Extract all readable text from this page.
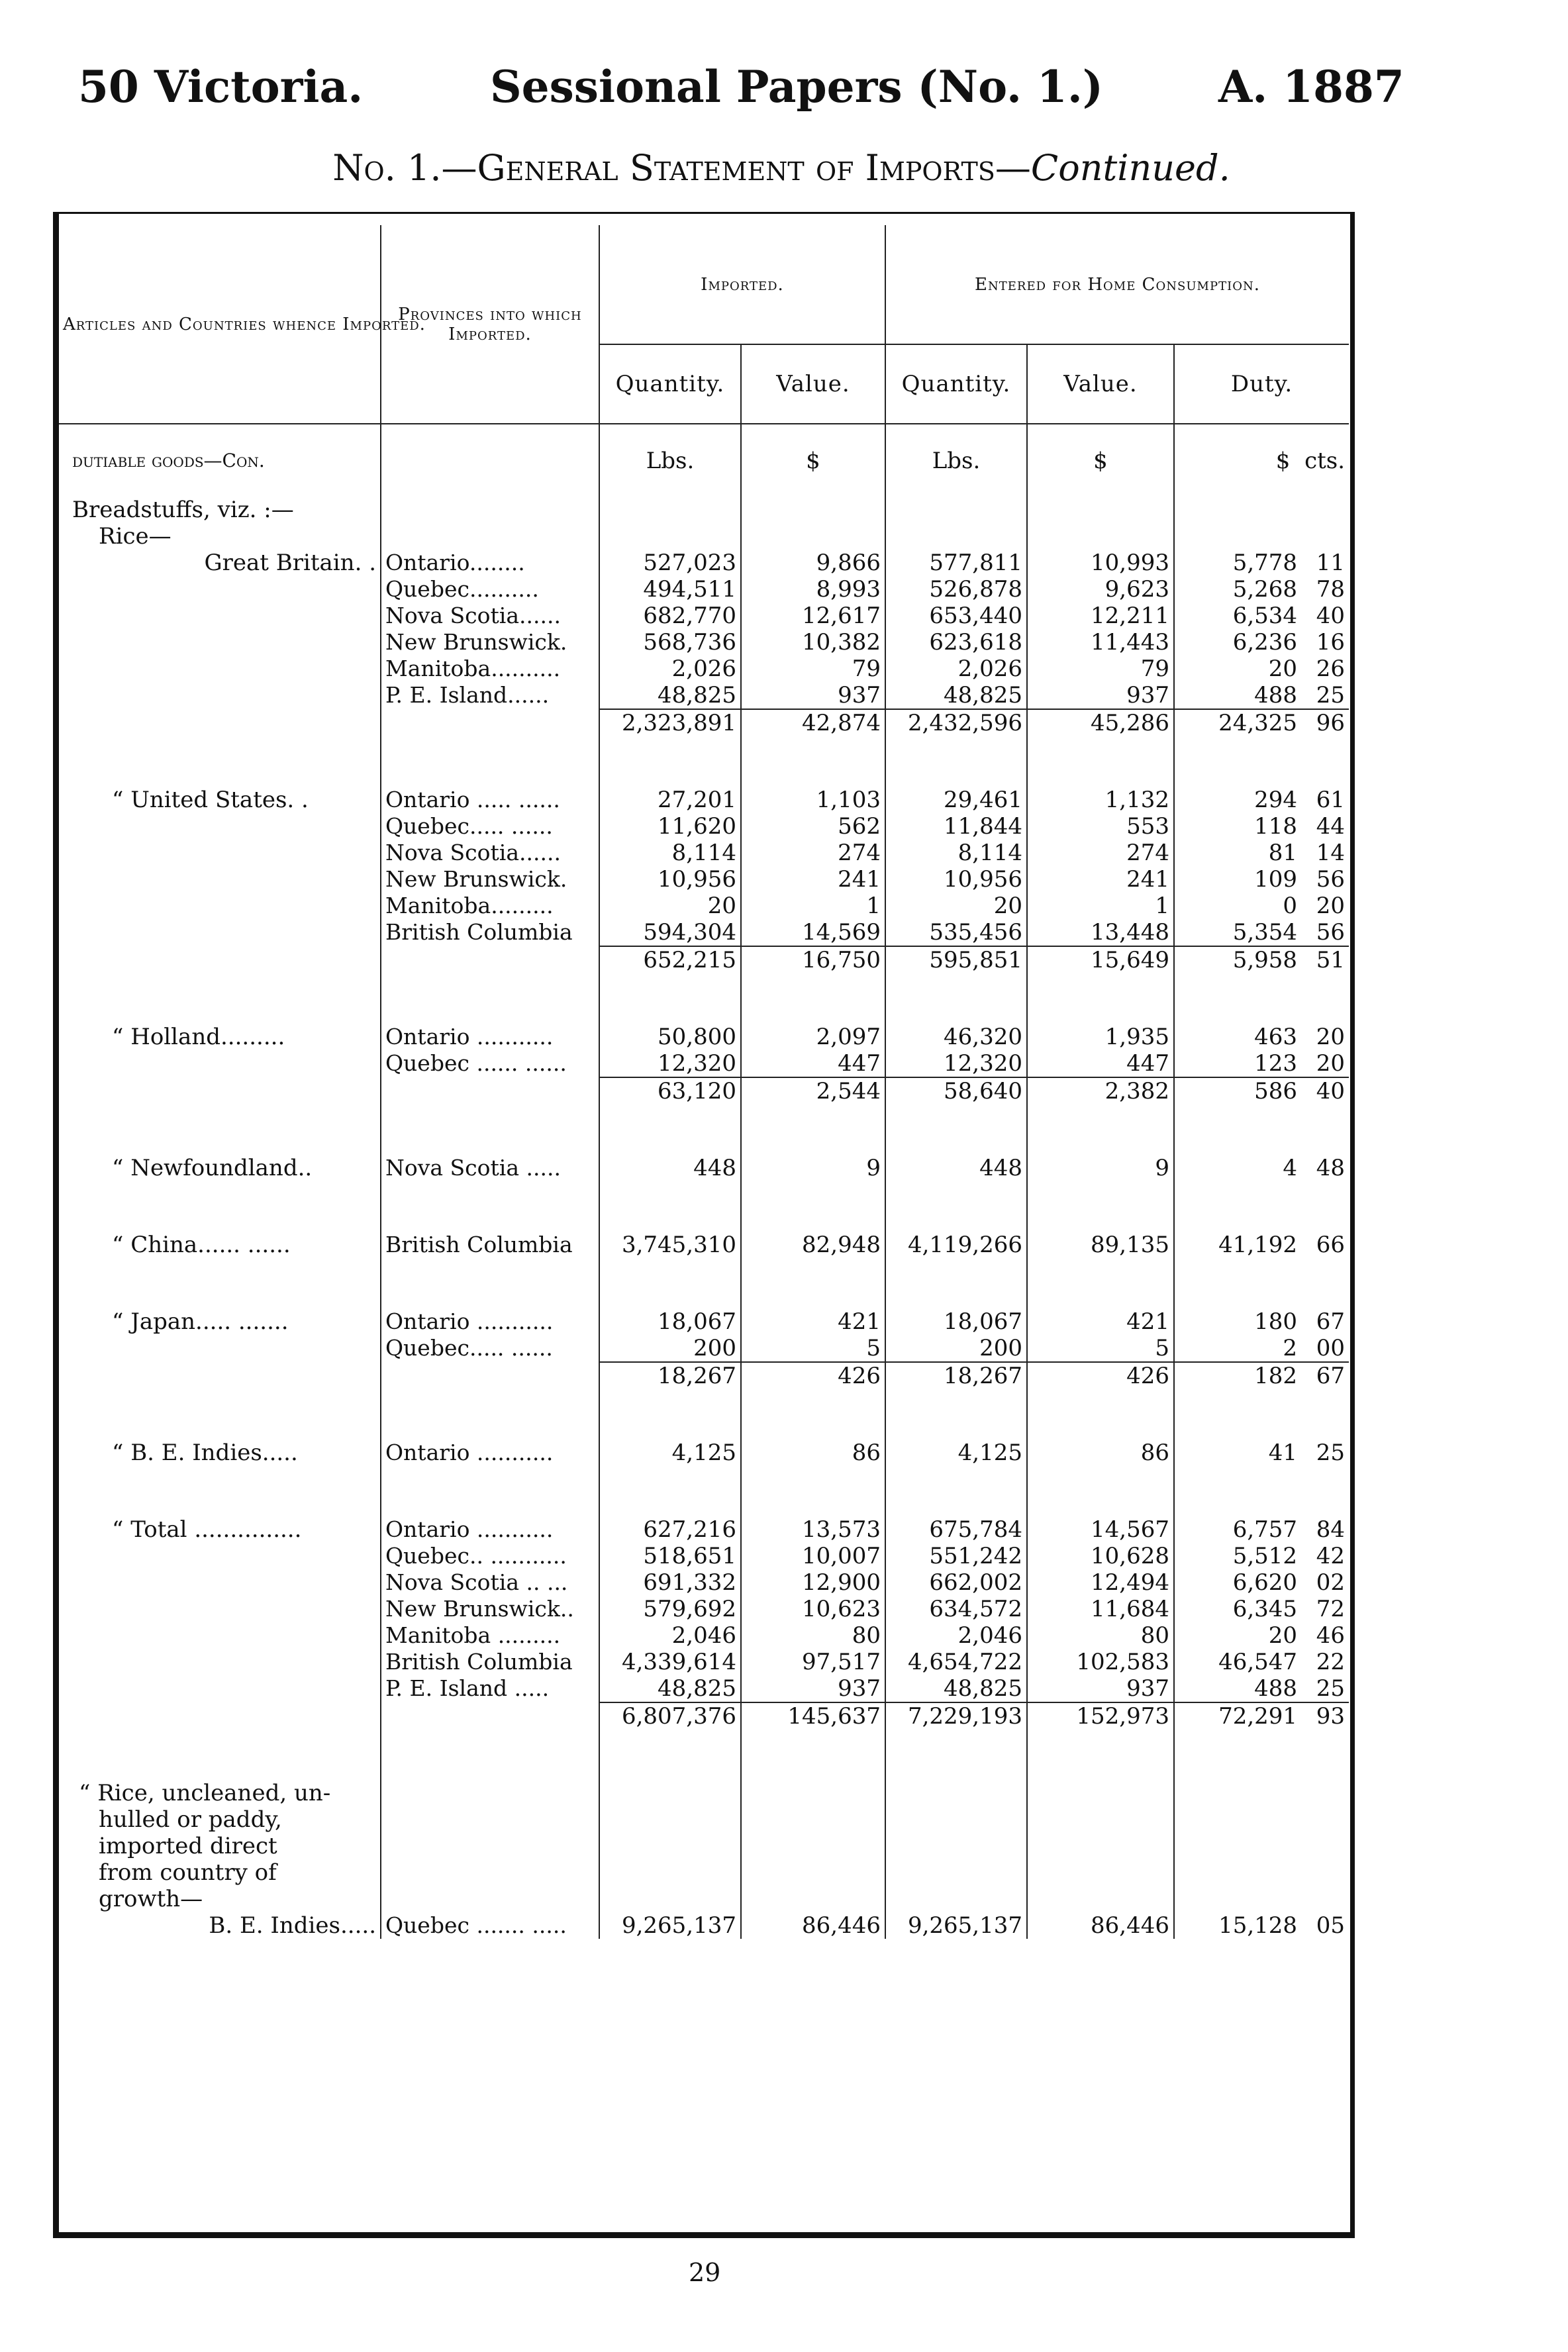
50 Victoria.	Sessional Papers (No. 1.)	A. 1887
No. 1.—General Statement of Imports—Continued.
Articles and Countries whence Imported.	Provinces into which Imported.	Imported.		Entered for Home Consumption.		
		Quantity.	Value.	Quantity.	Value.	Duty.
dutiable goods—Con.		Lbs.	$	Lbs.	$	$ cts.
Breadstuffs, viz. :—						
Rice—						
Great Britain. .	Ontario........	527,023	9,866	577,811	10,993	5,778 11
	Quebec..........	494,511	8,993	526,878	9,623	5,268 78
	Nova Scotia......	682,770	12,617	653,440	12,211	6,534 40
	New Brunswick.	568,736	10,382	623,618	11,443	6,236 16
	Manitoba..........	2,026	79	2,026	79	20 26
	P. E. Island......	48,825	937	48,825	937	488 25
		2,323,891	42,874	2,432,596	45,286	24,325 96

“ United States. .	Ontario ..... ......	27,201	1,103	29,461	1,132	294 61
	Quebec..... ......	11,620	562	11,844	553	118 44
	Nova Scotia......	8,114	274	8,114	274	81 14
	New Brunswick.	10,956	241	10,956	241	109 56
	Manitoba.........	20	1	20	1	0 20
	British Columbia	594,304	14,569	535,456	13,448	5,354 56
		652,215	16,750	595,851	15,649	5,958 51

“ Holland.........	Ontario ...........	50,800	2,097	46,320	1,935	463 20
	Quebec ...... ......	12,320	447	12,320	447	123 20
		63,120	2,544	58,640	2,382	586 40

“ Newfoundland..	Nova Scotia .....	448	9	448	9	4 48

“ China...... ......	British Columbia	3,745,310	82,948	4,119,266	89,135	41,192 66

“ Japan..... .......	Ontario ...........	18,067	421	18,067	421	180 67
	Quebec..... ......	200	5	200	5	2 00
		18,267	426	18,267	426	182 67

“ B. E. Indies.....	Ontario ...........	4,125	86	4,125	86	41 25

“ Total ...............	Ontario ...........	627,216	13,573	675,784	14,567	6,757 84
	Quebec.. ...........	518,651	10,007	551,242	10,628	5,512 42
	Nova Scotia .. ...	691,332	12,900	662,002	12,494	6,620 02
	New Brunswick..	579,692	10,623	634,572	11,684	6,345 72
	Manitoba .........	2,046	80	2,046	80	20 46
	British Columbia	4,339,614	97,517	4,654,722	102,583	46,547 22
	P. E. Island .....	48,825	937	48,825	937	488 25
		6,807,376	145,637	7,229,193	152,973	72,291 93

“ Rice, uncleaned, un-						
hulled or paddy,						
imported direct						
from country of						
growth—						
B. E. Indies.....	Quebec ....... .....	9,265,137	86,446	9,265,137	86,446	15,128 05
29
